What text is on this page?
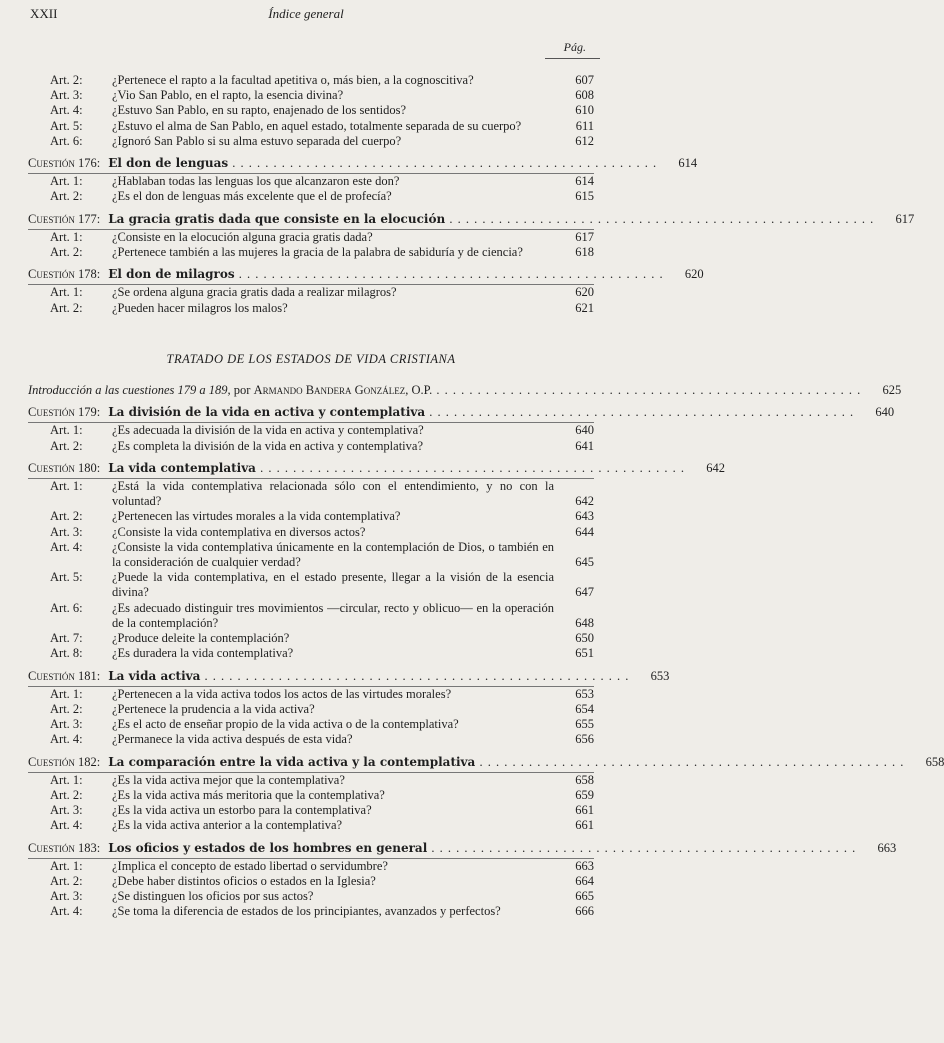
XXII	Índice general
Pág.
Art. 2:	¿Pertenece el rapto a la facultad apetitiva o, más bien, a la cognoscitiva?	607
Art. 3:	¿Vio San Pablo, en el rapto, la esencia divina?	608
Art. 4:	¿Estuvo San Pablo, en su rapto, enajenado de los sentidos?	610
Art. 5:	¿Estuvo el alma de San Pablo, en aquel estado, totalmente separada de su cuerpo?	611
Art. 6:	¿Ignoró San Pablo si su alma estuvo separada del cuerpo?	612
Cuestión 176: El don de lenguas . . . . . . . . . . . . . . . . . . . . . . . . . . . . . . . . . . . . . . . . . . . . . . . . . . . .	614
Art. 1:	¿Hablaban todas las lenguas los que alcanzaron este don?	614
Art. 2:	¿Es el don de lenguas más excelente que el de profecía?	615
Cuestión 177: La gracia gratis dada que consiste en la elocución . . . . . . . . . . . . . . . . . . . . . . . . . . . . . . . . . . . . . . . . . . . . . . . . . . . .	617
Art. 1:	¿Consiste en la elocución alguna gracia gratis dada?	617
Art. 2:	¿Pertenece también a las mujeres la gracia de la palabra de sabiduría y de ciencia?	618
Cuestión 178: El don de milagros . . . . . . . . . . . . . . . . . . . . . . . . . . . . . . . . . . . . . . . . . . . . . . . . . . . .	620
Art. 1:	¿Se ordena alguna gracia gratis dada a realizar milagros?	620
Art. 2:	¿Pueden hacer milagros los malos?	621
TRATADO DE LOS ESTADOS DE VIDA CRISTIANA
Introducción a las cuestiones 179 a 189, por Armando Bandera González, O.P. . . . . . . . . . . . . . . . . . . . . . . . . . . . . . . . . . . . . . . . . . . . . . . . . . . . .	625
Cuestión 179: La división de la vida en activa y contemplativa . . . . . . . . . . . . . . . . . . . . . . . . . . . . . . . . . . . . . . . . . . . . . . . . . . . .	640
Art. 1:	¿Es adecuada la división de la vida en activa y contemplativa?	640
Art. 2:	¿Es completa la división de la vida en activa y contemplativa?	641
Cuestión 180: La vida contemplativa . . . . . . . . . . . . . . . . . . . . . . . . . . . . . . . . . . . . . . . . . . . . . . . . . . . .	642
Art. 1:	¿Está la vida contemplativa relacionada sólo con el entendimiento, y no con la voluntad?	642
Art. 2:	¿Pertenecen las virtudes morales a la vida contemplativa?	643
Art. 3:	¿Consiste la vida contemplativa en diversos actos?	644
Art. 4:	¿Consiste la vida contemplativa únicamente en la contemplación de Dios, o también en la consideración de cualquier verdad?	645
Art. 5:	¿Puede la vida contemplativa, en el estado presente, llegar a la visión de la esencia divina?	647
Art. 6:	¿Es adecuado distinguir tres movimientos —circular, recto y oblicuo— en la operación de la contemplación?	648
Art. 7:	¿Produce deleite la contemplación?	650
Art. 8:	¿Es duradera la vida contemplativa?	651
Cuestión 181: La vida activa . . . . . . . . . . . . . . . . . . . . . . . . . . . . . . . . . . . . . . . . . . . . . . . . . . . .	653
Art. 1:	¿Pertenecen a la vida activa todos los actos de las virtudes morales?	653
Art. 2:	¿Pertenece la prudencia a la vida activa?	654
Art. 3:	¿Es el acto de enseñar propio de la vida activa o de la contemplativa?	655
Art. 4:	¿Permanece la vida activa después de esta vida?	656
Cuestión 182: La comparación entre la vida activa y la contemplativa . . . . . . . . . . . . . . . . . . . . . . . . . . . . . . . . . . . . . . . . . . . . . . . . . . . .	658
Art. 1:	¿Es la vida activa mejor que la contemplativa?	658
Art. 2:	¿Es la vida activa más meritoria que la contemplativa?	659
Art. 3:	¿Es la vida activa un estorbo para la contemplativa?	661
Art. 4:	¿Es la vida activa anterior a la contemplativa?	661
Cuestión 183: Los oficios y estados de los hombres en general . . . . . . . . . . . . . . . . . . . . . . . . . . . . . . . . . . . . . . . . . . . . . . . . . . . .	663
Art. 1:	¿Implica el concepto de estado libertad o servidumbre?	663
Art. 2:	¿Debe haber distintos oficios o estados en la Iglesia?	664
Art. 3:	¿Se distinguen los oficios por sus actos?	665
Art. 4:	¿Se toma la diferencia de estados de los principiantes, avanzados y perfectos?	666
